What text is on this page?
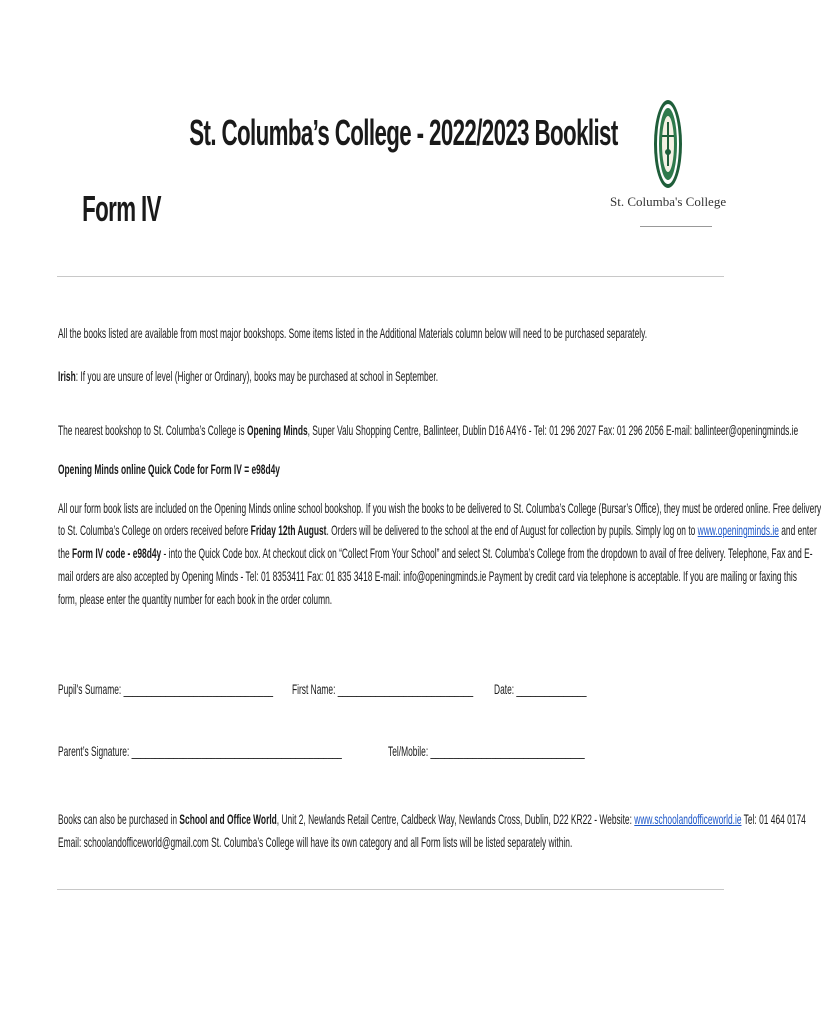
St. Columba’s College - 2022/2023 Booklist
Form IV	St. Columba's College
All the books listed are available from most major bookshops. Some items listed in the Additional Materials column below will need to be purchased separately.
Irish: If you are unsure of level (Higher or Ordinary), books may be purchased at school in September.
The nearest bookshop to St. Columba’s College is Opening Minds, Super Valu Shopping Centre, Ballinteer, Dublin D16 A4Y6 - Tel: 01 296 2027 Fax: 01 296 2056 E-mail: ballinteer@openingminds.ie
Opening Minds online Quick Code for Form IV = e98d4y
All our form book lists are included on the Opening Minds online school bookshop. If you wish the books to be delivered to St. Columba’s College (Bursar’s Office), they must be ordered online. Free delivery
to St. Columba’s College on orders received before Friday 12th August. Orders will be delivered to the school at the end of August for collection by pupils. Simply log on to www.openingminds.ie and enter
the Form IV code - e98d4y - into the Quick Code box. At checkout click on “Collect From Your School” and select St. Columba’s College from the dropdown to avail of free delivery. Telephone, Fax and E-
mail orders are also accepted by Opening Minds - Tel: 01 8353411 Fax: 01 835 3418 E-mail: info@openingminds.ie Payment by credit card via telephone is acceptable. If you are mailing or faxing this
form, please enter the quantity number for each book in the order column.
Pupil's Surname: ________________________________ First Name: _____________________________ Date: _______________
Parent’s Signature: _____________________________________________	Tel/Mobile: _________________________________
Books can also be purchased in School and Office World, Unit 2, Newlands Retail Centre, Caldbeck Way, Newlands Cross, Dublin, D22 KR22 - Website: www.schoolandofficeworld.ie Tel: 01 464 0174
Email: schoolandofficeworld@gmail.com St. Columba’s College will have its own category and all Form lists will be listed separately within.
